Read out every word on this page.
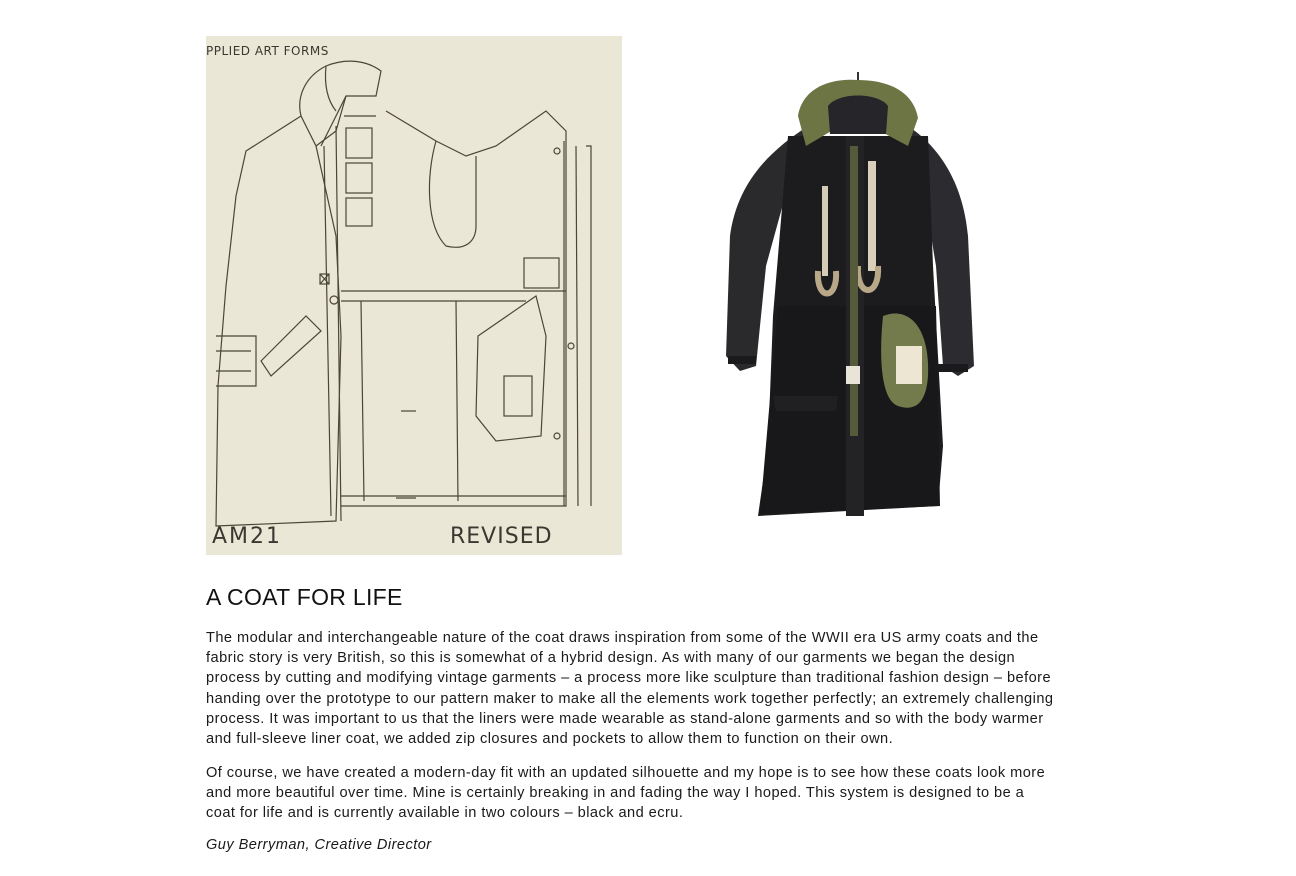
PPLIED ART FORMS
AM21	REVISED
A COAT FOR LIFE

The modular and interchangeable nature of the coat draws inspiration from some of the WWII era US army coats and the fabric story is very British, so this is somewhat of a hybrid design. As with many of our garments we began the design process by cutting and modifying vintage garments – a process more like sculpture than traditional fashion design – before handing over the prototype to our pattern maker to make all the elements work together perfectly; an extremely challenging process. It was important to us that the liners were made wearable as stand-alone garments and so with the body warmer and full-sleeve liner coat, we added zip closures and pockets to allow them to function on their own.

Of course, we have created a modern-day fit with an updated silhouette and my hope is to see how these coats look more and more beautiful over time. Mine is certainly breaking in and fading the way I hoped. This system is designed to be a coat for life and is currently available in two colours – black and ecru.

Guy Berryman, Creative Director
